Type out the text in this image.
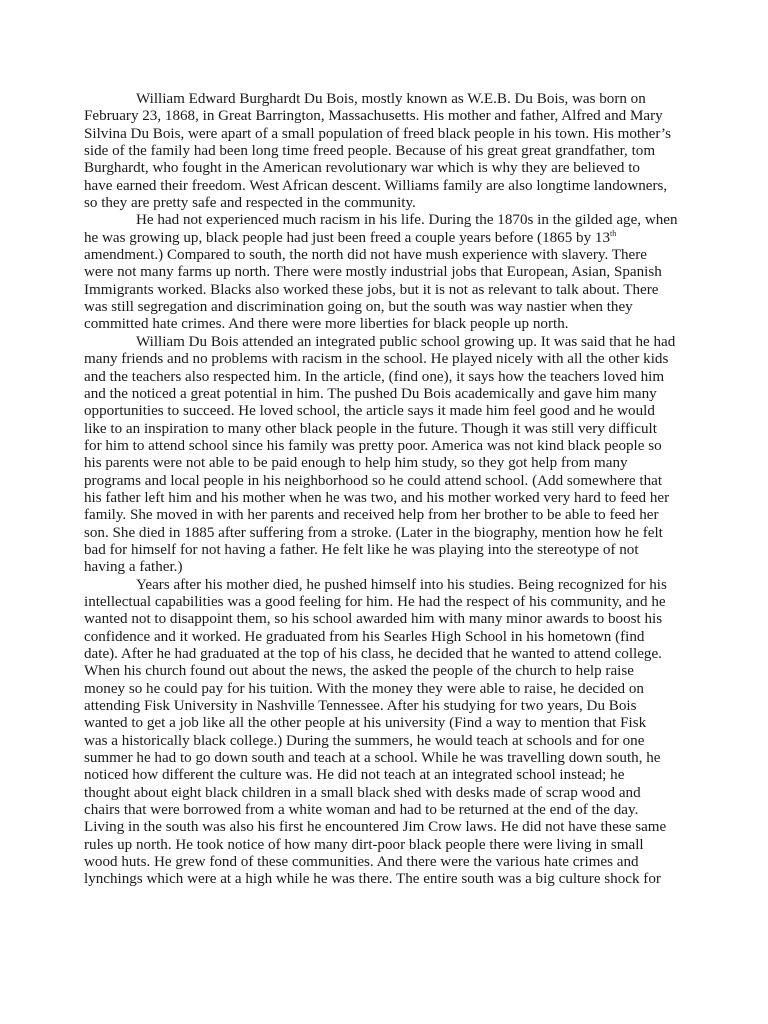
William Edward Burghardt Du Bois, mostly known as W.E.B. Du Bois, was born on
February 23, 1868, in Great Barrington, Massachusetts. His mother and father, Alfred and Mary
Silvina Du Bois, were apart of a small population of freed black people in his town. His mother’s
side of the family had been long time freed people. Because of his great great grandfather, tom
Burghardt, who fought in the American revolutionary war which is why they are believed to
have earned their freedom. West African descent. Williams family are also longtime landowners,
so they are pretty safe and respected in the community.
He had not experienced much racism in his life. During the 1870s in the gilded age, when
he was growing up, black people had just been freed a couple years before (1865 by 13th
amendment.) Compared to south, the north did not have mush experience with slavery. There
were not many farms up north. There were mostly industrial jobs that European, Asian, Spanish
Immigrants worked. Blacks also worked these jobs, but it is not as relevant to talk about. There
was still segregation and discrimination going on, but the south was way nastier when they
committed hate crimes. And there were more liberties for black people up north.
William Du Bois attended an integrated public school growing up. It was said that he had
many friends and no problems with racism in the school. He played nicely with all the other kids
and the teachers also respected him. In the article, (find one), it says how the teachers loved him
and the noticed a great potential in him. The pushed Du Bois academically and gave him many
opportunities to succeed. He loved school, the article says it made him feel good and he would
like to an inspiration to many other black people in the future. Though it was still very difficult
for him to attend school since his family was pretty poor. America was not kind black people so
his parents were not able to be paid enough to help him study, so they got help from many
programs and local people in his neighborhood so he could attend school. (Add somewhere that
his father left him and his mother when he was two, and his mother worked very hard to feed her
family. She moved in with her parents and received help from her brother to be able to feed her
son. She died in 1885 after suffering from a stroke. (Later in the biography, mention how he felt
bad for himself for not having a father. He felt like he was playing into the stereotype of not
having a father.)
Years after his mother died, he pushed himself into his studies. Being recognized for his
intellectual capabilities was a good feeling for him. He had the respect of his community, and he
wanted not to disappoint them, so his school awarded him with many minor awards to boost his
confidence and it worked. He graduated from his Searles High School in his hometown (find
date). After he had graduated at the top of his class, he decided that he wanted to attend college.
When his church found out about the news, the asked the people of the church to help raise
money so he could pay for his tuition. With the money they were able to raise, he decided on
attending Fisk University in Nashville Tennessee. After his studying for two years, Du Bois
wanted to get a job like all the other people at his university (Find a way to mention that Fisk
was a historically black college.) During the summers, he would teach at schools and for one
summer he had to go down south and teach at a school. While he was travelling down south, he
noticed how different the culture was. He did not teach at an integrated school instead; he
thought about eight black children in a small black shed with desks made of scrap wood and
chairs that were borrowed from a white woman and had to be returned at the end of the day.
Living in the south was also his first he encountered Jim Crow laws. He did not have these same
rules up north. He took notice of how many dirt-poor black people there were living in small
wood huts. He grew fond of these communities. And there were the various hate crimes and
lynchings which were at a high while he was there. The entire south was a big culture shock for
